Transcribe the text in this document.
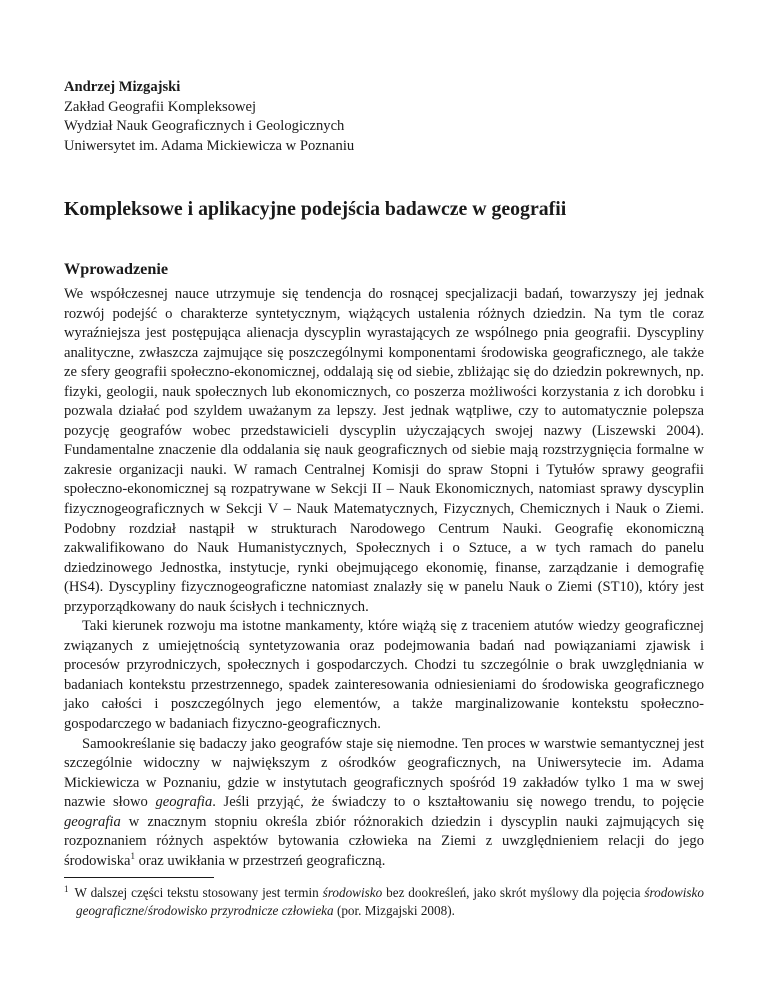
Andrzej Mizgajski
Zakład Geografii Kompleksowej
Wydział Nauk Geograficznych i Geologicznych
Uniwersytet im. Adama Mickiewicza w Poznaniu
Kompleksowe i aplikacyjne podejścia badawcze w geografii
Wprowadzenie

We współczesnej nauce utrzymuje się tendencja do rosnącej specjalizacji badań, towarzyszy jej jednak rozwój podejść o charakterze syntetycznym, wiążących ustalenia różnych dziedzin. Na tym tle coraz wyraźniejsza jest postępująca alienacja dyscyplin wyrastających ze wspólnego pnia geografii. Dyscypliny analityczne, zwłaszcza zajmujące się poszczególnymi komponentami środowiska geograficznego, ale także ze sfery geografii społeczno-ekonomicznej, oddalają się od siebie, zbliżając się do dziedzin pokrewnych, np. fizyki, geologii, nauk społecznych lub ekonomicznych, co poszerza możliwości korzystania z ich dorobku i pozwala działać pod szyldem uważanym za lepszy. Jest jednak wątpliwe, czy to automatycznie polepsza pozycję geografów wobec przedstawicieli dyscyplin użyczających swojej nazwy (Liszewski 2004). Fundamentalne znaczenie dla oddalania się nauk geograficznych od siebie mają rozstrzygnięcia formalne w zakresie organizacji nauki. W ramach Centralnej Komisji do spraw Stopni i Tytułów sprawy geografii społeczno-ekonomicznej są rozpatrywane w Sekcji II – Nauk Ekonomicznych, natomiast sprawy dyscyplin fizycznogeograficznych w Sekcji V – Nauk Matematycznych, Fizycznych, Chemicznych i Nauk o Ziemi. Podobny rozdział nastąpił w strukturach Narodowego Centrum Nauki. Geografię ekonomiczną zakwalifikowano do Nauk Humanistycznych, Społecznych i o Sztuce, a w tych ramach do panelu dziedzinowego Jednostka, instytucje, rynki obejmującego ekonomię, finanse, zarządzanie i demografię (HS4). Dyscypliny fizycznogeograficzne natomiast znalazły się w panelu Nauk o Ziemi (ST10), który jest przyporządkowany do nauk ścisłych i technicznych.

Taki kierunek rozwoju ma istotne mankamenty, które wiążą się z traceniem atutów wiedzy geograficznej związanych z umiejętnością syntetyzowania oraz podejmowania badań nad powiązaniami zjawisk i procesów przyrodniczych, społecznych i gospodarczych. Chodzi tu szczególnie o brak uwzględniania w badaniach kontekstu przestrzennego, spadek zainteresowania odniesieniami do środowiska geograficznego jako całości i poszczególnych jego elementów, a także marginalizowanie kontekstu społeczno-gospodarczego w badaniach fizyczno-geograficznych.

Samookreślanie się badaczy jako geografów staje się niemodne. Ten proces w warstwie semantycznej jest szczególnie widoczny w największym z ośrodków geograficznych, na Uniwersytecie im. Adama Mickiewicza w Poznaniu, gdzie w instytutach geograficznych spośród 19 zakładów tylko 1 ma w swej nazwie słowo geografia. Jeśli przyjąć, że świadczy to o kształtowaniu się nowego trendu, to pojęcie geografia w znacznym stopniu określa zbiór różnorakich dziedzin i dyscyplin nauki zajmujących się rozpoznaniem różnych aspektów bytowania człowieka na Ziemi z uwzględnieniem relacji do jego środowiska$^1$ oraz uwikłania w przestrzeń geograficzną.

$^1$ W dalszej części tekstu stosowany jest termin środowisko bez dookreśleń, jako skrót myślowy dla pojęcia środowisko geograficzne/środowisko przyrodnicze człowieka (por. Mizgajski 2008).
